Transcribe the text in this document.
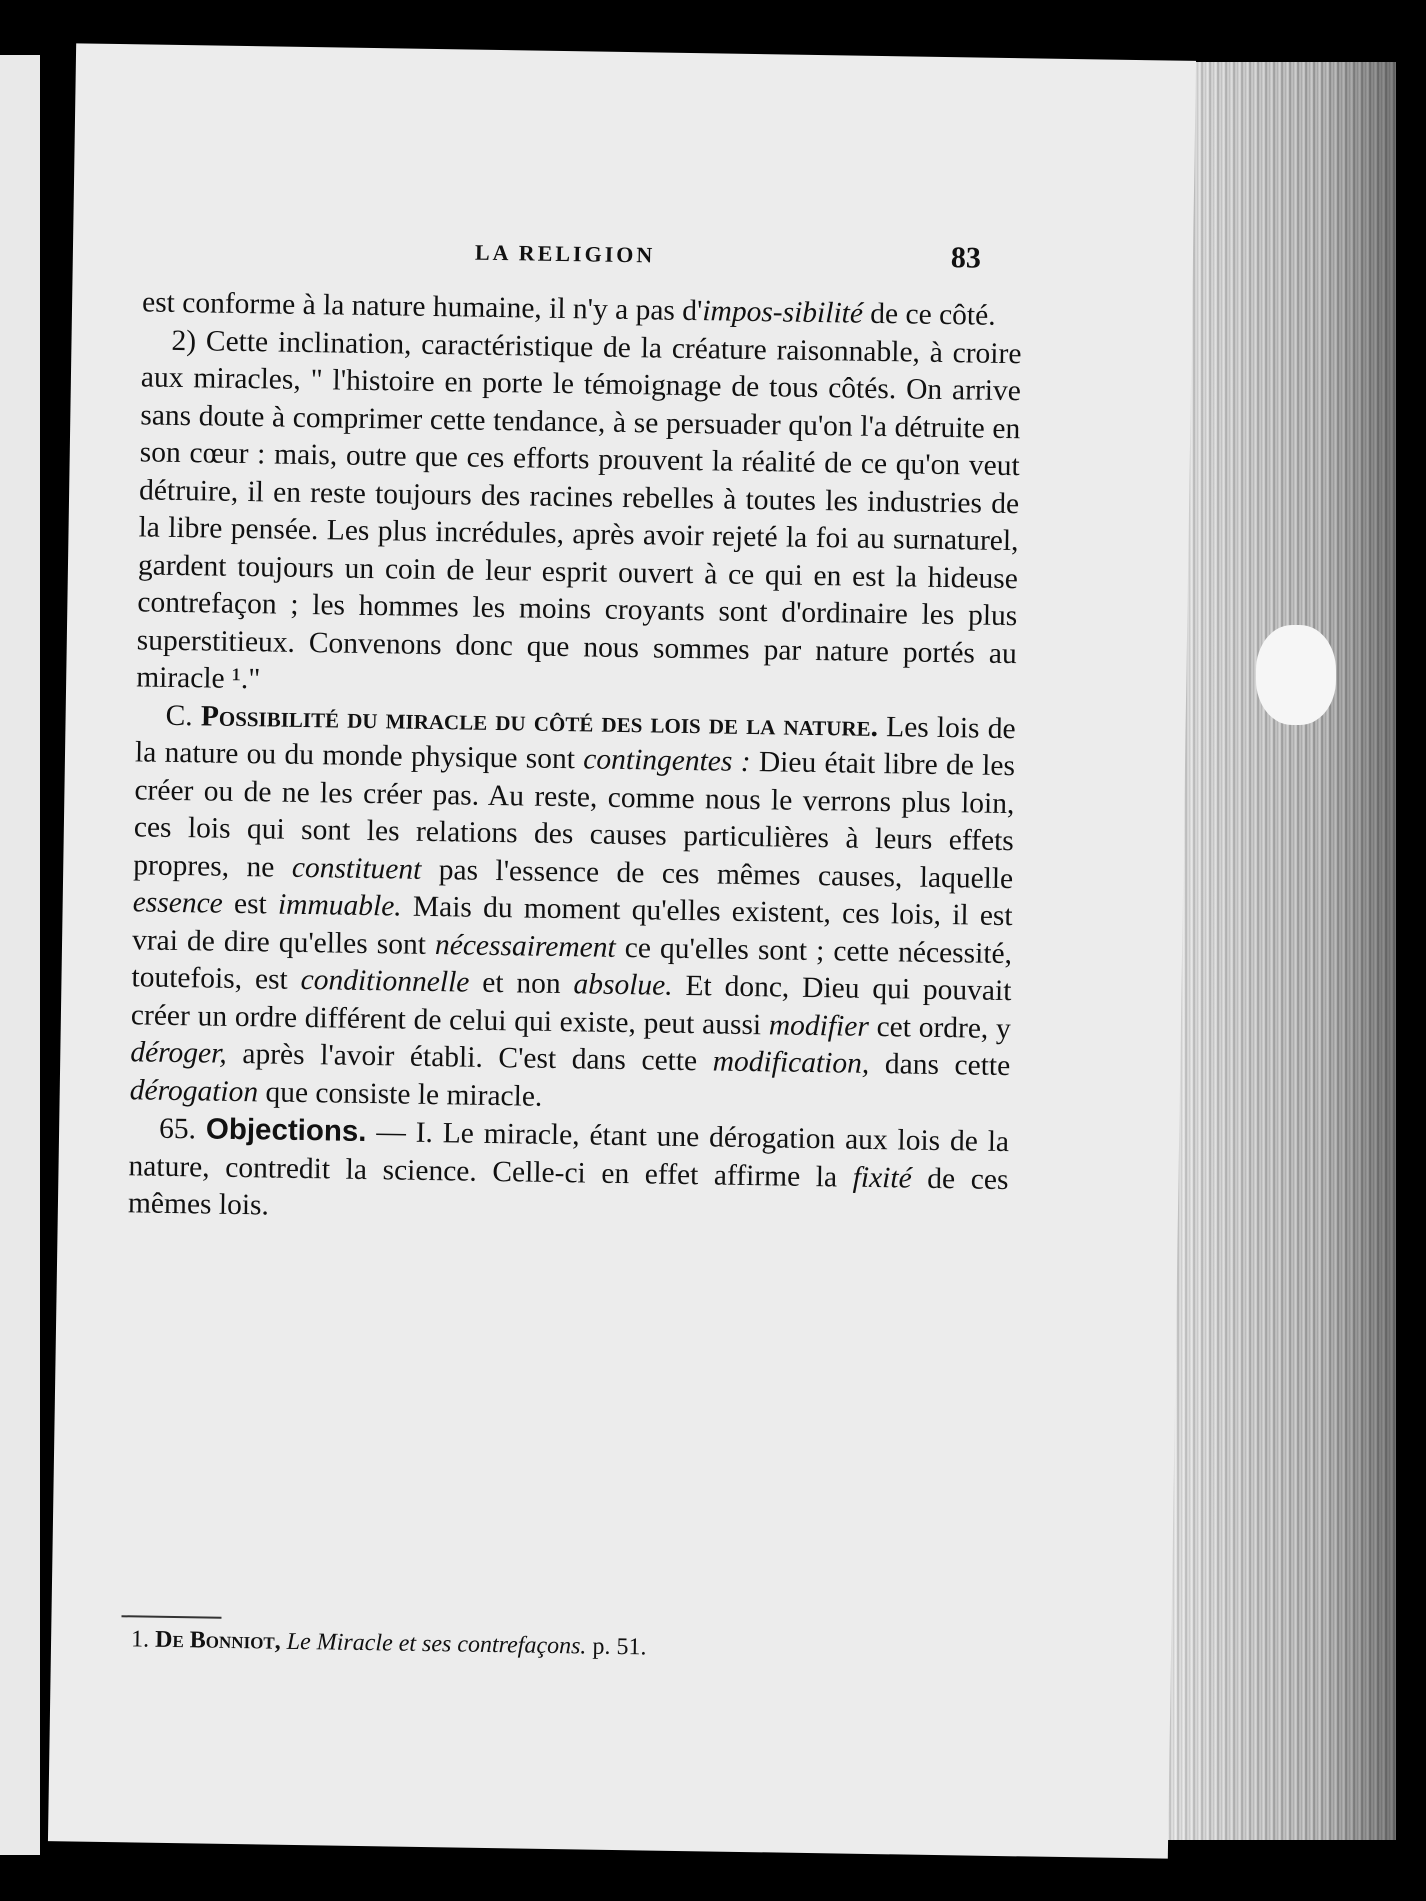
LA RELIGION	83

est conforme à la nature humaine, il n'y a pas d'impos-sibilité de ce côté.

2) Cette inclination, caractéristique de la créature raisonnable, à croire aux miracles, " l'histoire en porte le témoignage de tous côtés. On arrive sans doute à comprimer cette tendance, à se persuader qu'on l'a détruite en son cœur : mais, outre que ces efforts prouvent la réalité de ce qu'on veut détruire, il en reste toujours des racines rebelles à toutes les industries de la libre pensée. Les plus incrédules, après avoir rejeté la foi au surnaturel, gardent toujours un coin de leur esprit ouvert à ce qui en est la hideuse contrefaçon ; les hommes les moins croyants sont d'ordinaire les plus superstitieux. Convenons donc que nous sommes par nature portés au miracle ¹."

C. Possibilité du miracle du côté des lois de la nature. Les lois de la nature ou du monde physique sont contingentes : Dieu était libre de les créer ou de ne les créer pas. Au reste, comme nous le verrons plus loin, ces lois qui sont les relations des causes particulières à leurs effets propres, ne constituent pas l'essence de ces mêmes causes, laquelle essence est immuable. Mais du moment qu'elles existent, ces lois, il est vrai de dire qu'elles sont nécessairement ce qu'elles sont ; cette nécessité, toutefois, est conditionnelle et non absolue. Et donc, Dieu qui pouvait créer un ordre différent de celui qui existe, peut aussi modifier cet ordre, y déroger, après l'avoir établi. C'est dans cette modification, dans cette dérogation que consiste le miracle.

65. Objections. — I. Le miracle, étant une dérogation aux lois de la nature, contredit la science. Celle-ci en effet affirme la fixité de ces mêmes lois.

1. De Bonniot, Le Miracle et ses contrefaçons. p. 51.
